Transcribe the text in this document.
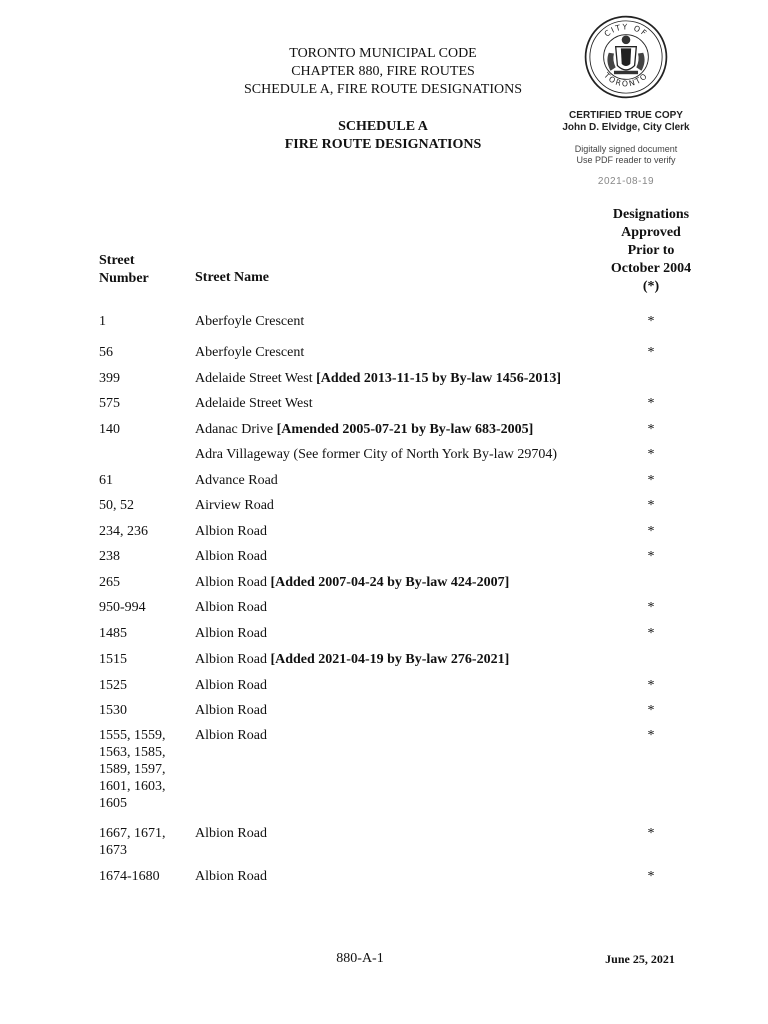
TORONTO MUNICIPAL CODE
CHAPTER 880, FIRE ROUTES
SCHEDULE A, FIRE ROUTE DESIGNATIONS
SCHEDULE A
FIRE ROUTE DESIGNATIONS
CITY OF
TORONTO
CERTIFIED TRUE COPY
John D. Elvidge, City Clerk
Digitally signed document
Use PDF reader to verify
2021-08-19
Street
Number	Street Name
Designations
Approved
Prior to
October 2004
(*)
1	Aberfoyle Crescent	*
56	Aberfoyle Crescent	*
399	Adelaide Street West [Added 2013-11-15 by By-law 1456-2013]
575	Adelaide Street West	*
140	Adanac Drive [Amended 2005-07-21 by By-law 683-2005]	*
Adra Villageway (See former City of North York By-law 29704)	*
61	Advance Road	*
50, 52	Airview Road	*
234, 236	Albion Road	*
238	Albion Road	*
265	Albion Road [Added 2007-04-24 by By-law 424-2007]
950-994	Albion Road	*
1485	Albion Road	*
1515	Albion Road [Added 2021-04-19 by By-law 276-2021]
1525	Albion Road	*
1530	Albion Road	*
1555, 1559,
1563, 1585,
1589, 1597,
1601, 1603,
1605
Albion Road	*
1667, 1671,
1673
Albion Road	*
1674-1680	Albion Road	*
880-A-1	June 25, 2021
